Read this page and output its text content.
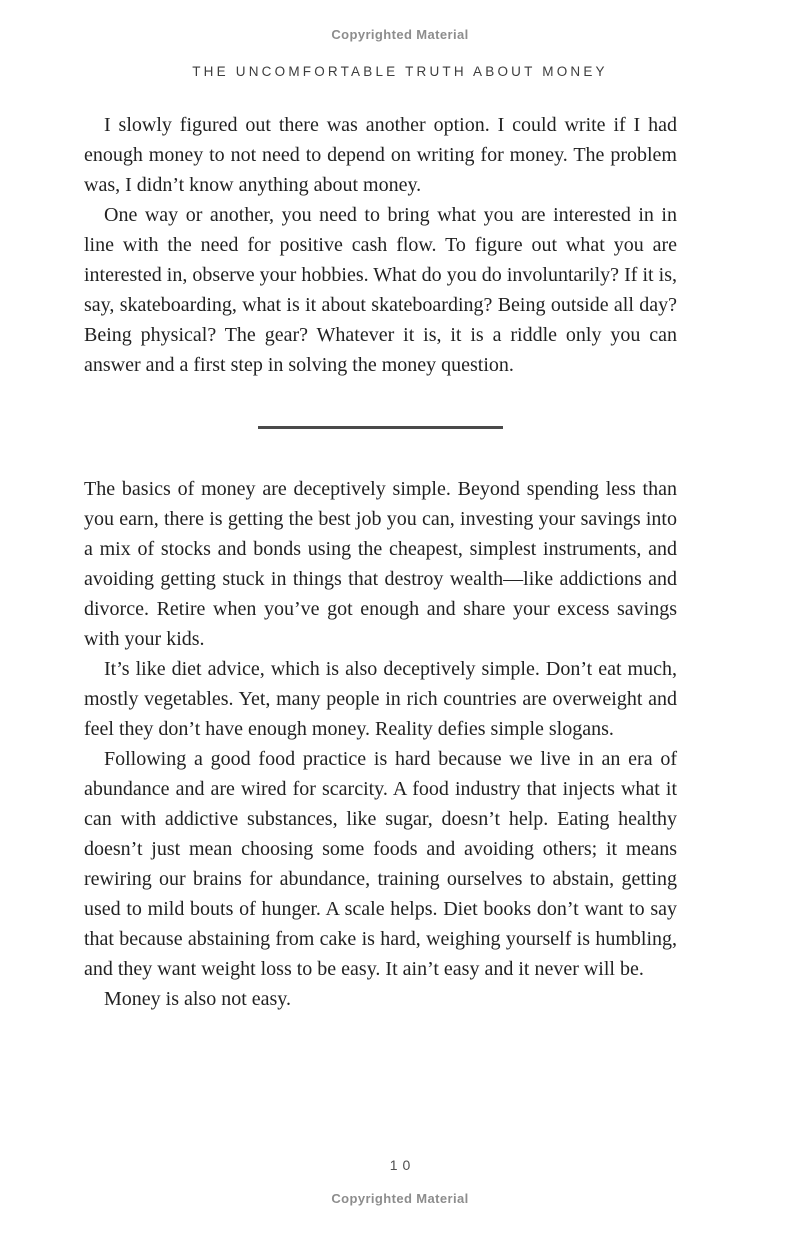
Copyrighted Material
THE UNCOMFORTABLE TRUTH ABOUT MONEY

I slowly figured out there was another option. I could write if I had enough money to not need to depend on writing for money. The problem was, I didn’t know anything about money.

One way or another, you need to bring what you are interested in in line with the need for positive cash flow. To figure out what you are interested in, observe your hobbies. What do you do involuntarily? If it is, say, skateboarding, what is it about skateboarding? Being outside all day? Being physical? The gear? Whatever it is, it is a riddle only you can answer and a first step in solving the money question.

The basics of money are deceptively simple. Beyond spending less than you earn, there is getting the best job you can, investing your savings into a mix of stocks and bonds using the cheapest, simplest instruments, and avoiding getting stuck in things that destroy wealth—like addictions and divorce. Retire when you’ve got enough and share your excess savings with your kids.

It’s like diet advice, which is also deceptively simple. Don’t eat much, mostly vegetables. Yet, many people in rich countries are overweight and feel they don’t have enough money. Reality defies simple slogans.

Following a good food practice is hard because we live in an era of abundance and are wired for scarcity. A food industry that injects what it can with addictive substances, like sugar, doesn’t help. Eating healthy doesn’t just mean choosing some foods and avoiding others; it means rewiring our brains for abundance, training ourselves to abstain, getting used to mild bouts of hunger. A scale helps. Diet books don’t want to say that because abstaining from cake is hard, weighing yourself is humbling, and they want weight loss to be easy. It ain’t easy and it never will be.

Money is also not easy.

10
Copyrighted Material
